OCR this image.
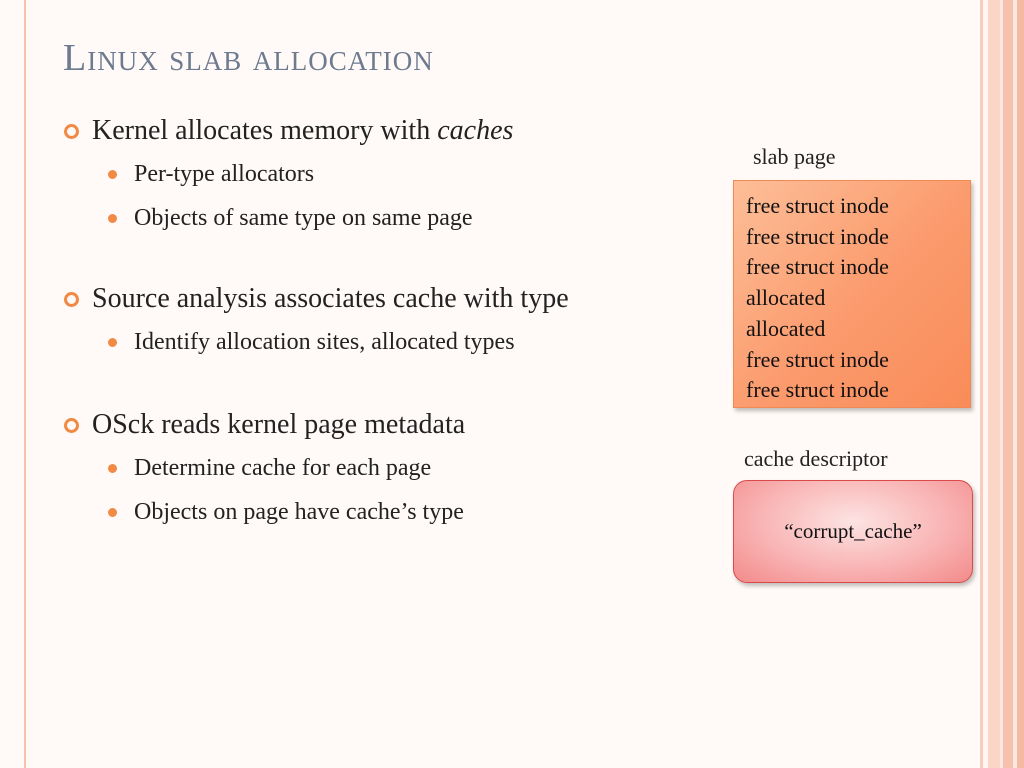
Linux slab allocation
Kernel allocates memory with caches
Per-type allocators
Objects of same type on same page
Source analysis associates cache with type
Identify allocation sites, allocated types
OSck reads kernel page metadata
Determine cache for each page
Objects on page have cache’s type
slab page
free struct inode
free struct inode
free struct inode
allocated
allocated
free struct inode
free struct inode
cache descriptor
“corrupt_cache”
